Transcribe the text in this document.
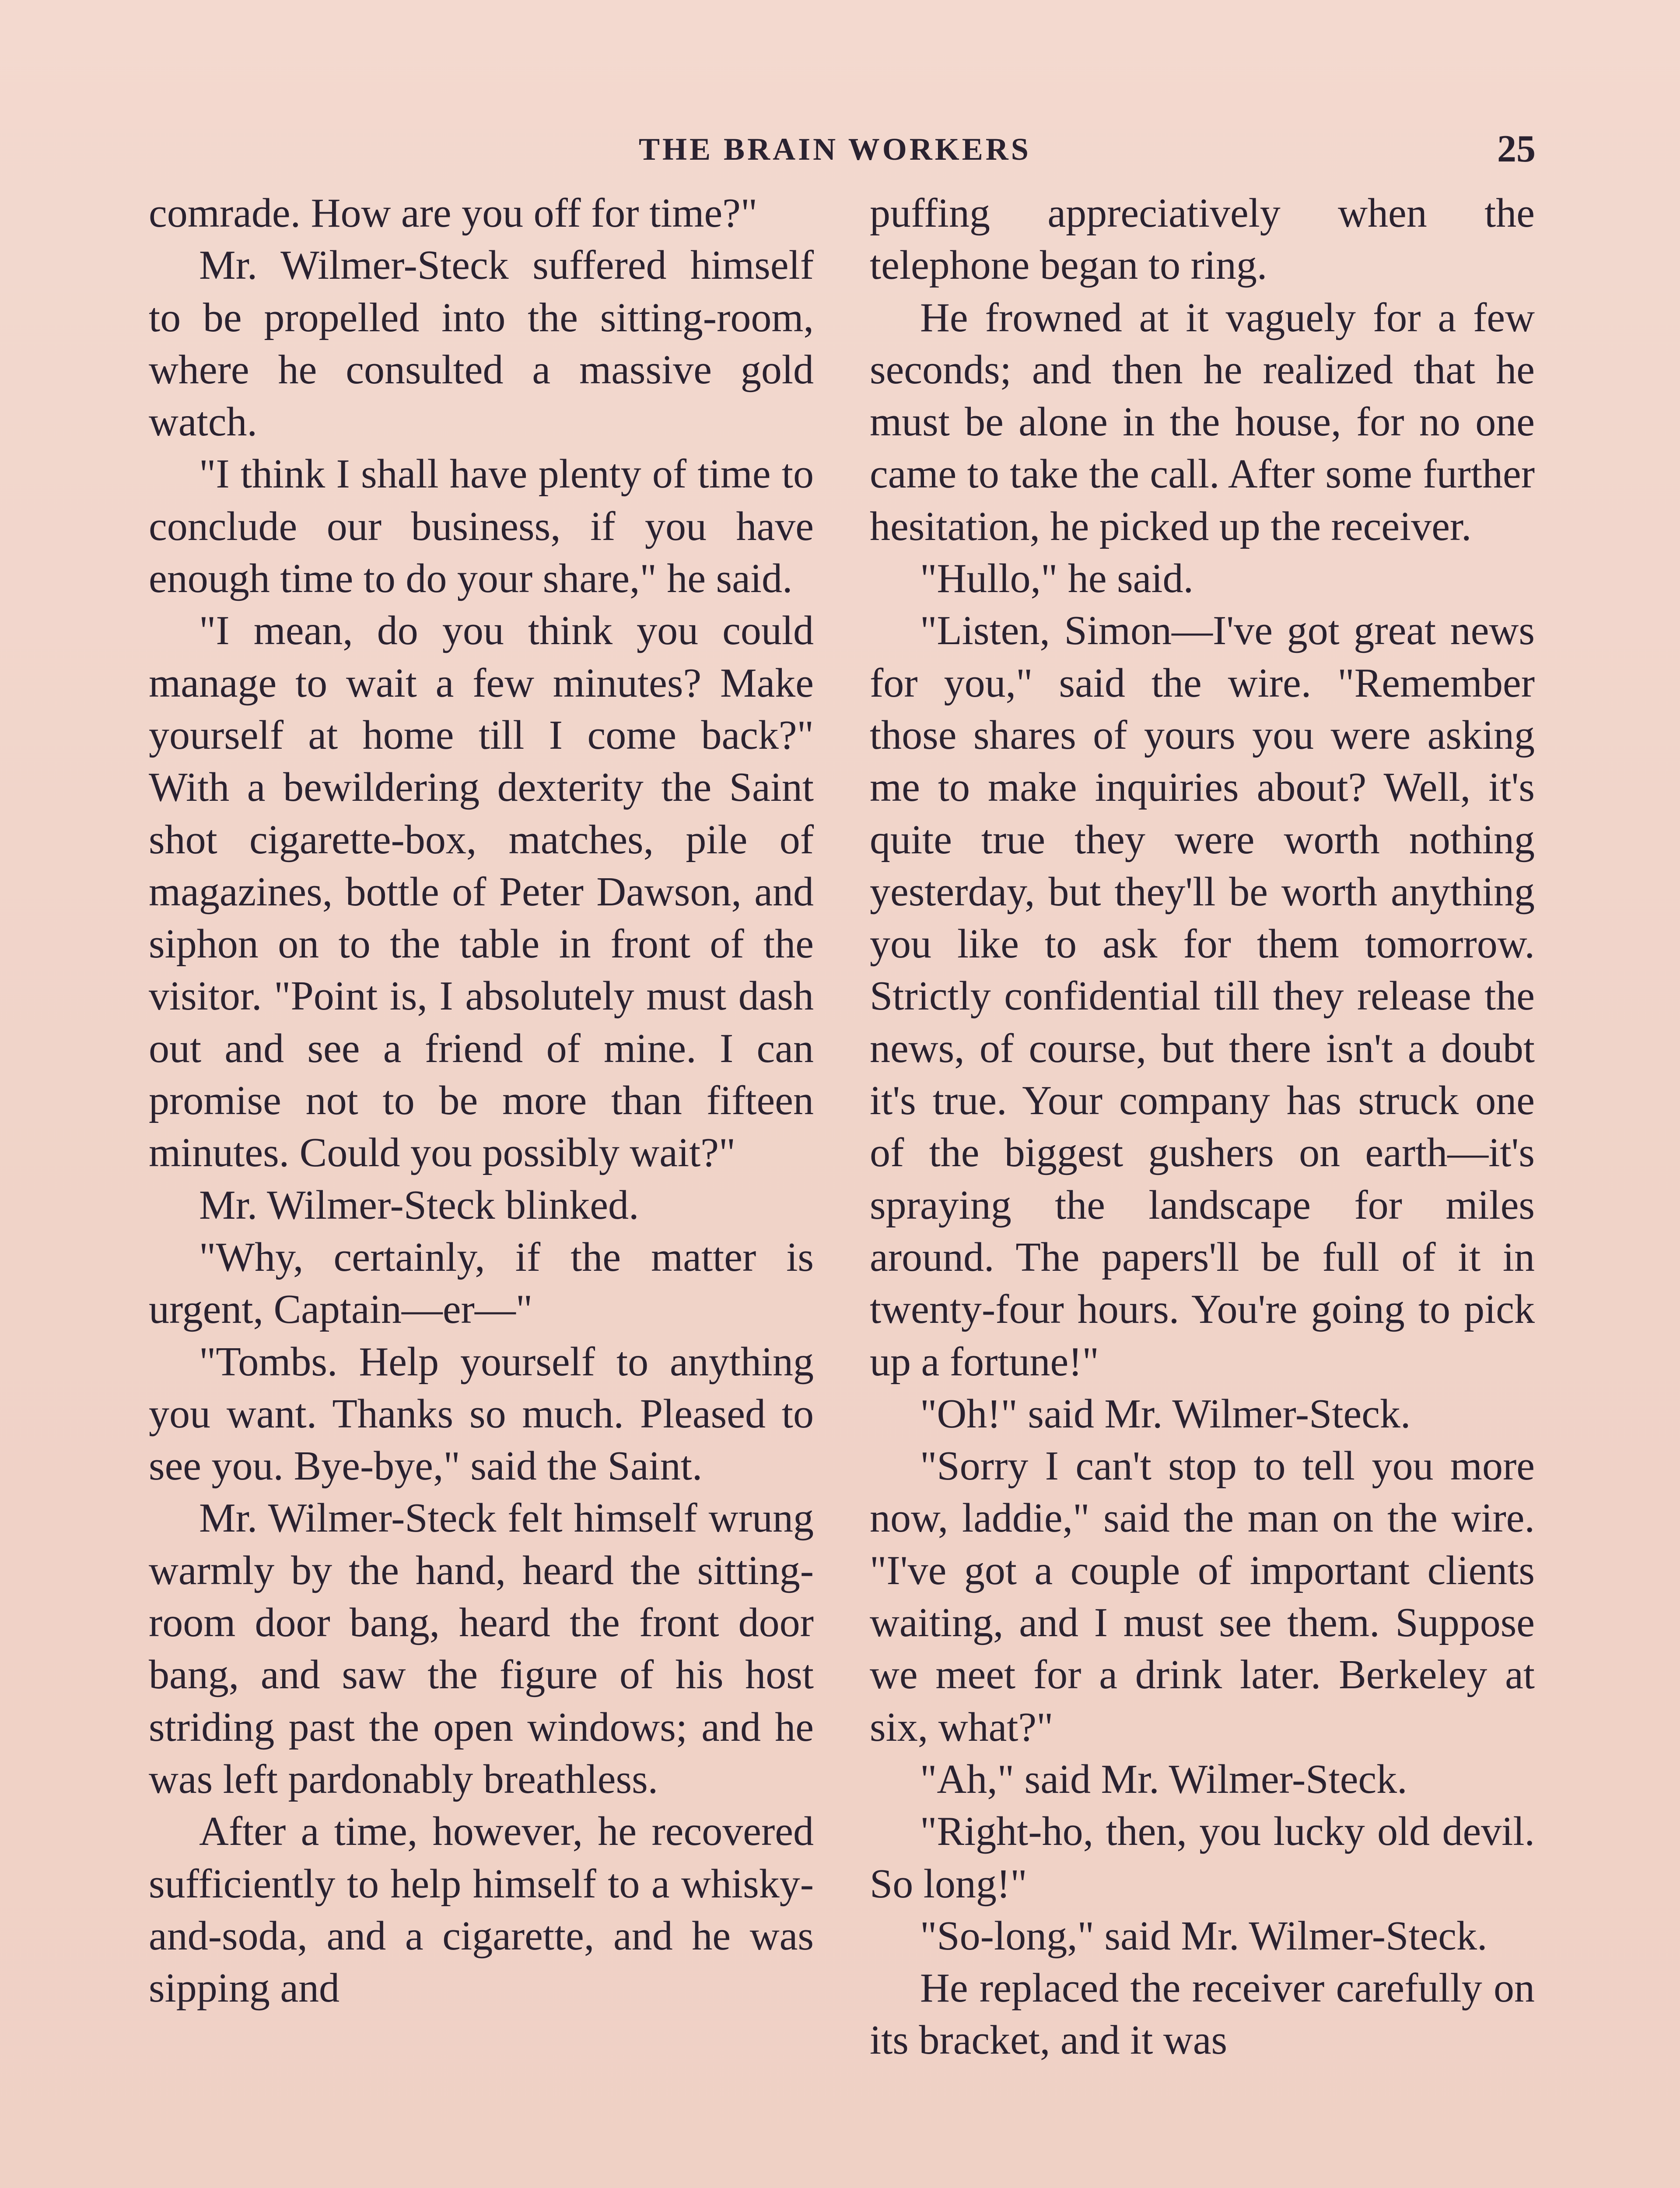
THE BRAIN WORKERS	25

comrade. How are you off for time?"

Mr. Wilmer-Steck suffered himself to be propelled into the sitting-room, where he consulted a massive gold watch.

"I think I shall have plenty of time to conclude our business, if you have enough time to do your share," he said.

"I mean, do you think you could manage to wait a few minutes? Make yourself at home till I come back?" With a bewildering dexterity the Saint shot cigarette-box, matches, pile of magazines, bottle of Peter Dawson, and siphon on to the table in front of the visitor. "Point is, I absolutely must dash out and see a friend of mine. I can promise not to be more than fifteen minutes. Could you possibly wait?"

Mr. Wilmer-Steck blinked.

"Why, certainly, if the matter is urgent, Captain—er—"

"Tombs. Help yourself to anything you want. Thanks so much. Pleased to see you. Bye-bye," said the Saint.

Mr. Wilmer-Steck felt himself wrung warmly by the hand, heard the sitting-room door bang, heard the front door bang, and saw the figure of his host striding past the open windows; and he was left pardonably breathless.

After a time, however, he recovered sufficiently to help himself to a whisky-and-soda, and a cigarette, and he was sipping and

puffing appreciatively when the telephone began to ring.

He frowned at it vaguely for a few seconds; and then he realized that he must be alone in the house, for no one came to take the call. After some further hesitation, he picked up the receiver.

"Hullo," he said.

"Listen, Simon—I've got great news for you," said the wire. "Remember those shares of yours you were asking me to make inquiries about? Well, it's quite true they were worth nothing yesterday, but they'll be worth anything you like to ask for them tomorrow. Strictly confidential till they release the news, of course, but there isn't a doubt it's true. Your company has struck one of the biggest gushers on earth—it's spraying the landscape for miles around. The papers'll be full of it in twenty-four hours. You're going to pick up a fortune!"

"Oh!" said Mr. Wilmer-Steck.

"Sorry I can't stop to tell you more now, laddie," said the man on the wire. "I've got a couple of important clients waiting, and I must see them. Suppose we meet for a drink later. Berkeley at six, what?"

"Ah," said Mr. Wilmer-Steck.

"Right-ho, then, you lucky old devil. So long!"

"So-long," said Mr. Wilmer-Steck.

He replaced the receiver carefully on its bracket, and it was
